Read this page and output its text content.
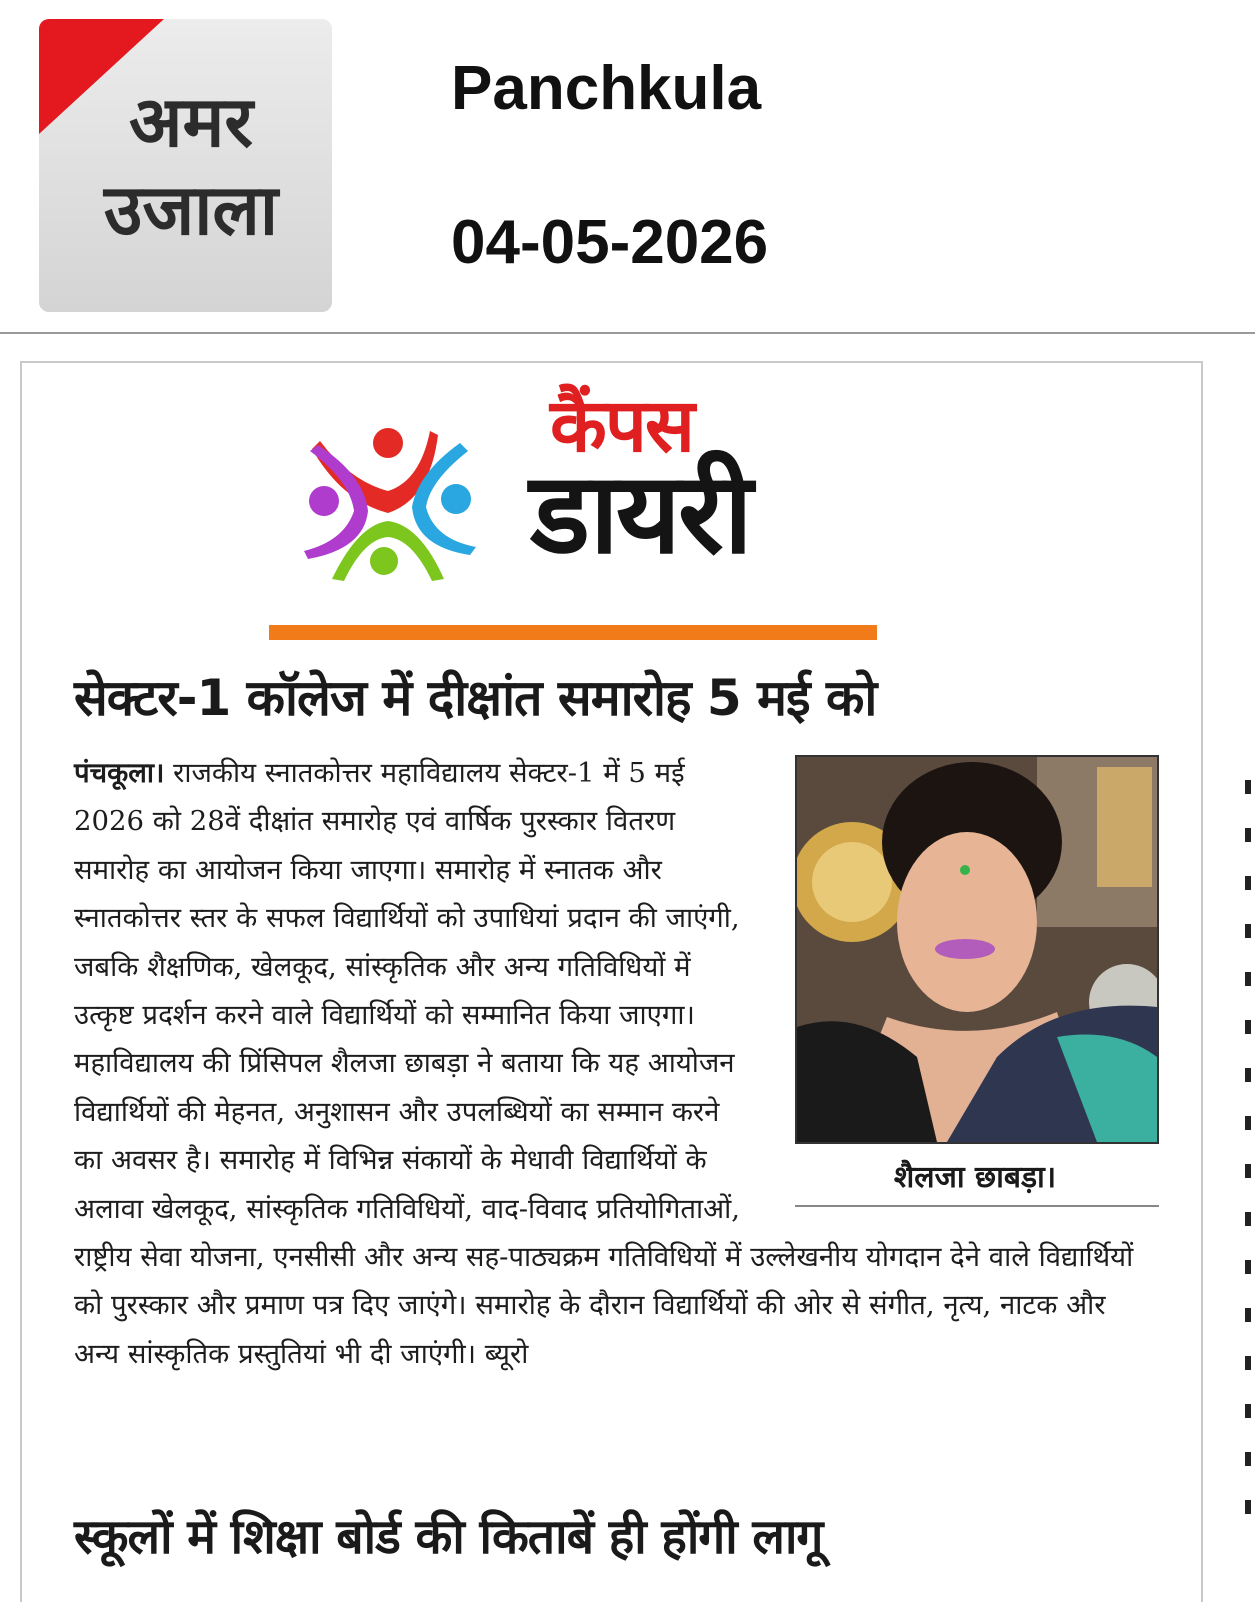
अमर
उजाला
Panchkula
04-05-2026
कैंपस
डायरी
सेक्टर-1 कॉलेज में दीक्षांत समारोह 5 मई को

पंचकूला। राजकीय स्नातकोत्तर महाविद्यालय सेक्टर-1 में 5 मई 2026 को 28वें दीक्षांत समारोह एवं वार्षिक पुरस्कार वितरण समारोह का आयोजन किया जाएगा। समारोह में स्नातक और स्नातकोत्तर स्तर के सफल विद्यार्थियों को उपाधियां प्रदान की जाएंगी, जबकि शैक्षणिक, खेलकूद, सांस्कृतिक और अन्य गतिविधियों में उत्कृष्ट प्रदर्शन करने वाले विद्यार्थियों को सम्मानित किया जाएगा। महाविद्यालय की प्रिंसिपल शैलजा छाबड़ा ने बताया कि यह आयोजन विद्यार्थियों की मेहनत, अनुशासन और उपलब्धियों का सम्मान करने का अवसर है। समारोह में विभिन्न संकायों के मेधावी विद्यार्थियों के अलावा खेलकूद, सांस्कृतिक गतिविधियों, वाद-विवाद प्रतियोगिताओं, राष्ट्रीय सेवा योजना, एनसीसी और अन्य सह-पाठ्यक्रम गतिविधियों में उल्लेखनीय योगदान देने वाले विद्यार्थियों को पुरस्कार और प्रमाण पत्र दिए जाएंगे। समारोह के दौरान विद्यार्थियों की ओर से संगीत, नृत्य, नाटक और अन्य सांस्कृतिक प्रस्तुतियां भी दी जाएंगी। ब्यूरो

शैलजा छाबड़ा।
स्कूलों में शिक्षा बोर्ड की किताबें ही होंगी लागू
